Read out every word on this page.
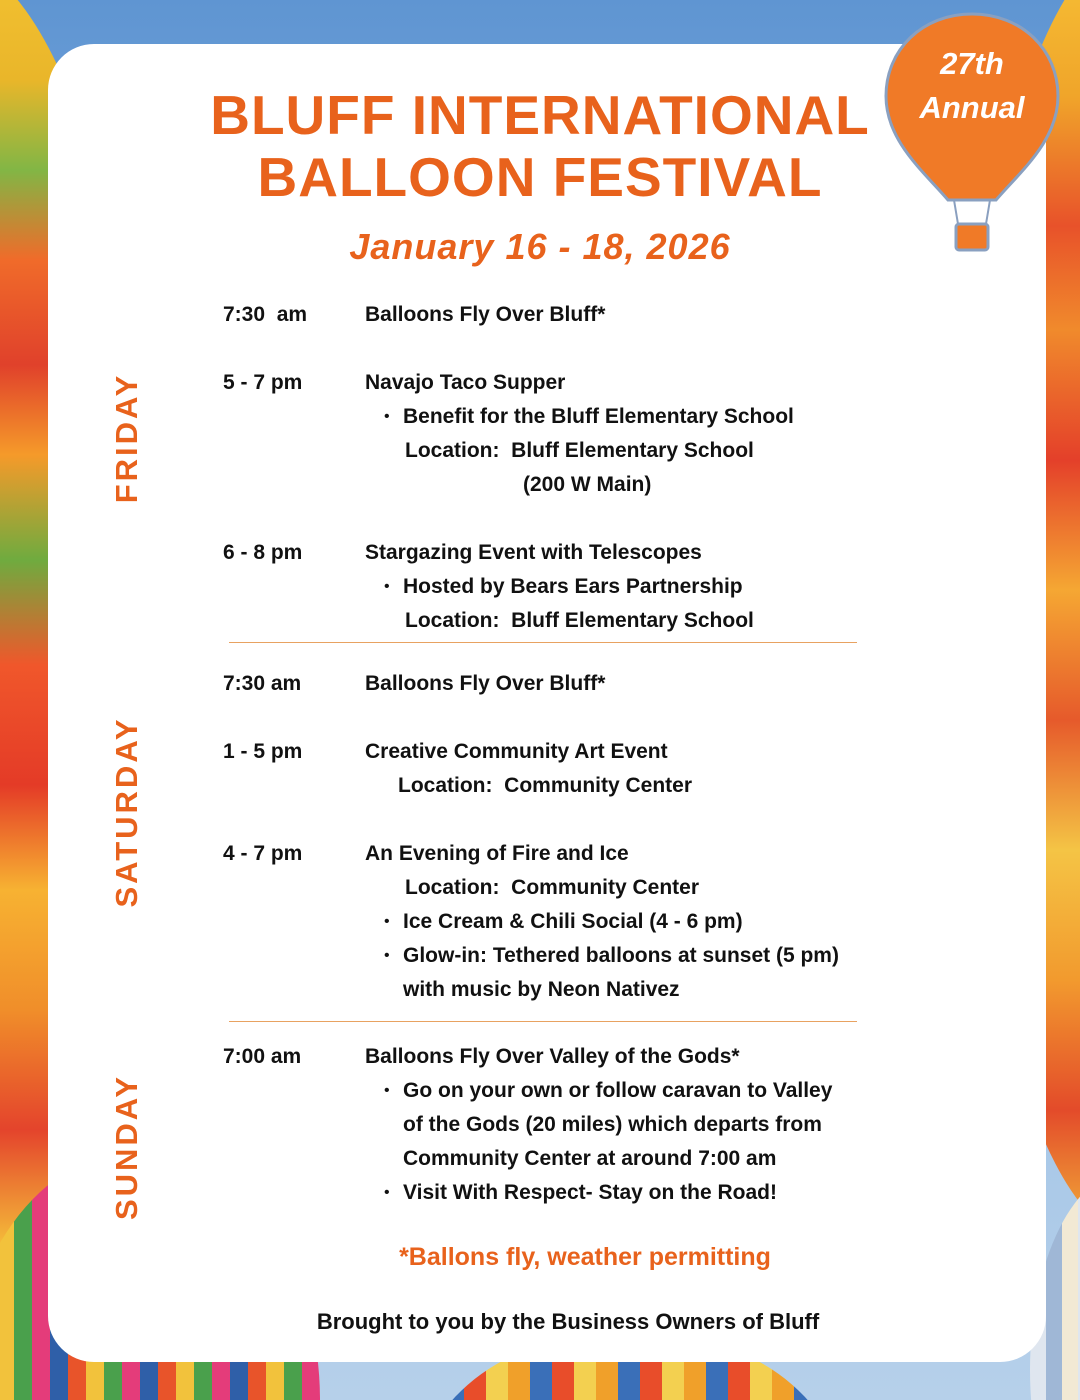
27th
Annual
BLUFF INTERNATIONAL
BALLOON FESTIVAL
January 16 - 18, 2026
FRIDAY
SATURDAY
SUNDAY
7:30  am	Balloons Fly Over Bluff*
5 - 7 pm	Navajo Taco Supper
• Benefit for the Bluff Elementary School
Location:  Bluff Elementary School
(200 W Main)
6 - 8 pm	Stargazing Event with Telescopes
• Hosted by Bears Ears Partnership
Location:  Bluff Elementary School
7:30 am	Balloons Fly Over Bluff*
1 - 5 pm	Creative Community Art Event
Location:  Community Center
4 - 7 pm	An Evening of Fire and Ice
Location:  Community Center
• Ice Cream & Chili Social (4 - 6 pm)
• Glow-in: Tethered balloons at sunset (5 pm)
with music by Neon Nativez
7:00 am	Balloons Fly Over Valley of the Gods*
• Go on your own or follow caravan to Valley
of the Gods (20 miles) which departs from
Community Center at around 7:00 am
• Visit With Respect- Stay on the Road!
*Ballons fly, weather permitting
Brought to you by the Business Owners of Bluff
